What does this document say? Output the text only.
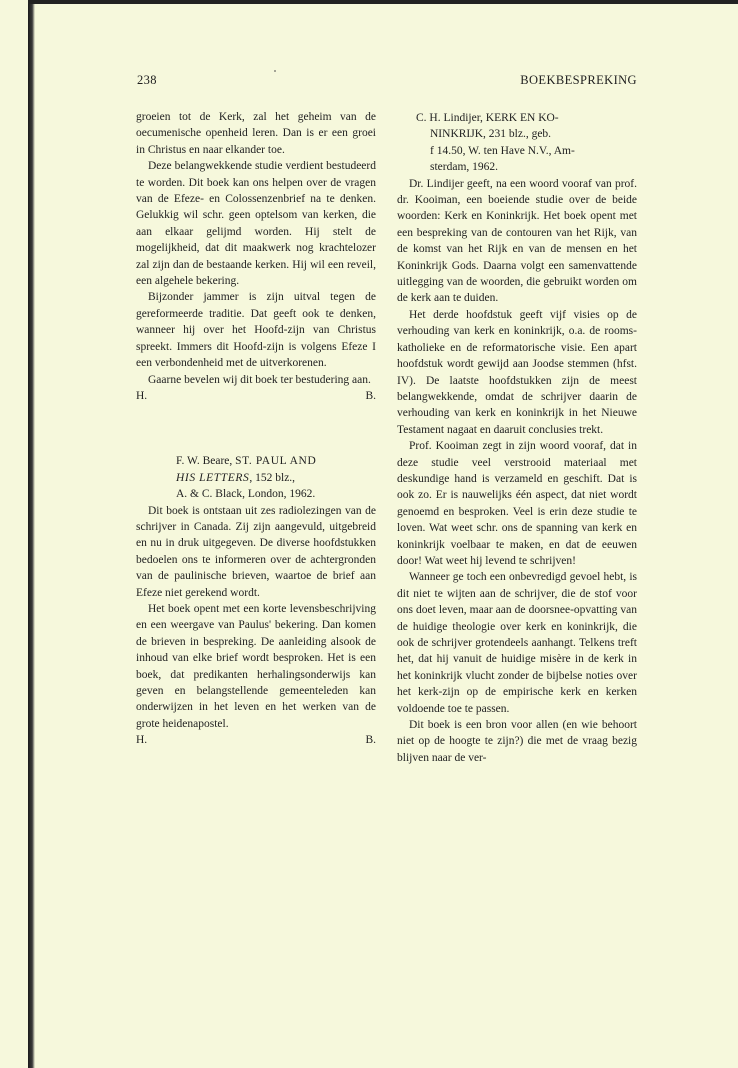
238	BOEKBESPREKING

groeien tot de Kerk, zal het geheim van de oecumenische openheid leren. Dan is er een groei in Christus en naar elkander toe.

Deze belangwekkende studie verdient bestudeerd te worden. Dit boek kan ons helpen over de vragen van de Efeze- en Colossenzenbrief na te denken. Gelukkig wil schr. geen optelsom van kerken, die aan elkaar gelijmd worden. Hij stelt de mogelijkheid, dat dit maakwerk nog krachtelozer zal zijn dan de bestaande kerken. Hij wil een reveil, een algehele bekering.

Bijzonder jammer is zijn uitval tegen de gereformeerde traditie. Dat geeft ook te denken, wanneer hij over het Hoofd-zijn van Christus spreekt. Immers dit Hoofd-zijn is volgens Efeze I een verbondenheid met de uitverkorenen.

Gaarne bevelen wij dit boek ter bestudering aan.

H.	B.

F. W. Beare, ST. PAUL AND
HIS LETTERS, 152 blz.,
A. & C. Black, London, 1962.

Dit boek is ontstaan uit zes radiolezingen van de schrijver in Canada. Zij zijn aangevuld, uitgebreid en nu in druk uitgegeven. De diverse hoofdstukken bedoelen ons te informeren over de achtergronden van de paulinische brieven, waartoe de brief aan Efeze niet gerekend wordt.

Het boek opent met een korte levensbeschrijving en een weergave van Paulus' bekering. Dan komen de brieven in bespreking. De aanleiding alsook de inhoud van elke brief wordt besproken. Het is een boek, dat predikanten herhalingsonderwijs kan geven en belangstellende gemeenteleden kan onderwijzen in het leven en het werken van de grote heidenapostel.

H.	B.

C. H. Lindijer, KERK EN KO-
NINKRIJK, 231 blz., geb.
f 14.50, W. ten Have N.V., Am-
sterdam, 1962.

Dr. Lindijer geeft, na een woord vooraf van prof. dr. Kooiman, een boeiende studie over de beide woorden: Kerk en Koninkrijk. Het boek opent met een bespreking van de contouren van het Rijk, van de komst van het Rijk en van de mensen en het Koninkrijk Gods. Daarna volgt een samenvattende uitlegging van de woorden, die gebruikt worden om de kerk aan te duiden.

Het derde hoofdstuk geeft vijf visies op de verhouding van kerk en koninkrijk, o.a. de rooms-katholieke en de reformatorische visie. Een apart hoofdstuk wordt gewijd aan Joodse stemmen (hfst. IV). De laatste hoofdstukken zijn de meest belangwekkende, omdat de schrijver daarin de verhouding van kerk en koninkrijk in het Nieuwe Testament nagaat en daaruit conclusies trekt.

Prof. Kooiman zegt in zijn woord vooraf, dat in deze studie veel verstrooid materiaal met deskundige hand is verzameld en geschift. Dat is ook zo. Er is nauwelijks één aspect, dat niet wordt genoemd en besproken. Veel is erin deze studie te loven. Wat weet schr. ons de spanning van kerk en koninkrijk voelbaar te maken, en dat de eeuwen door! Wat weet hij levend te schrijven!

Wanneer ge toch een onbevredigd gevoel hebt, is dit niet te wijten aan de schrijver, die de stof voor ons doet leven, maar aan de doorsnee-opvatting van de huidige theologie over kerk en koninkrijk, die ook de schrijver grotendeels aanhangt. Telkens treft het, dat hij vanuit de huidige misère in de kerk in het koninkrijk vlucht zonder de bijbelse noties over het kerk-zijn op de empirische kerk en kerken voldoende toe te passen.

Dit boek is een bron voor allen (en wie behoort niet op de hoogte te zijn?) die met de vraag bezig blijven naar de ver-
